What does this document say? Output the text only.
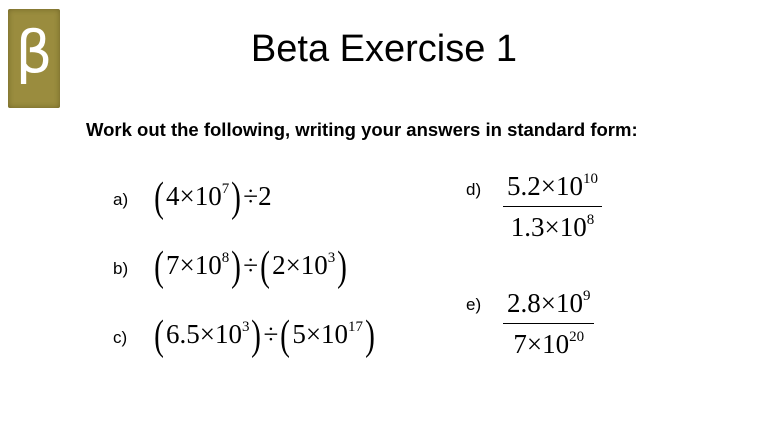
β	Beta Exercise 1
Work out the following, writing your answers in standard form:
a) $(4\times 10^7)\div 2$
b) $(7\times 10^8)\div(2\times 10^3)$
c) $(6.5\times 10^3)\div(5\times 10^{17})$
d) $5.2\times 10^{10}$
$1.3\times 10^8$
e) $2.8\times 10^9$
$7\times 10^{20}$
